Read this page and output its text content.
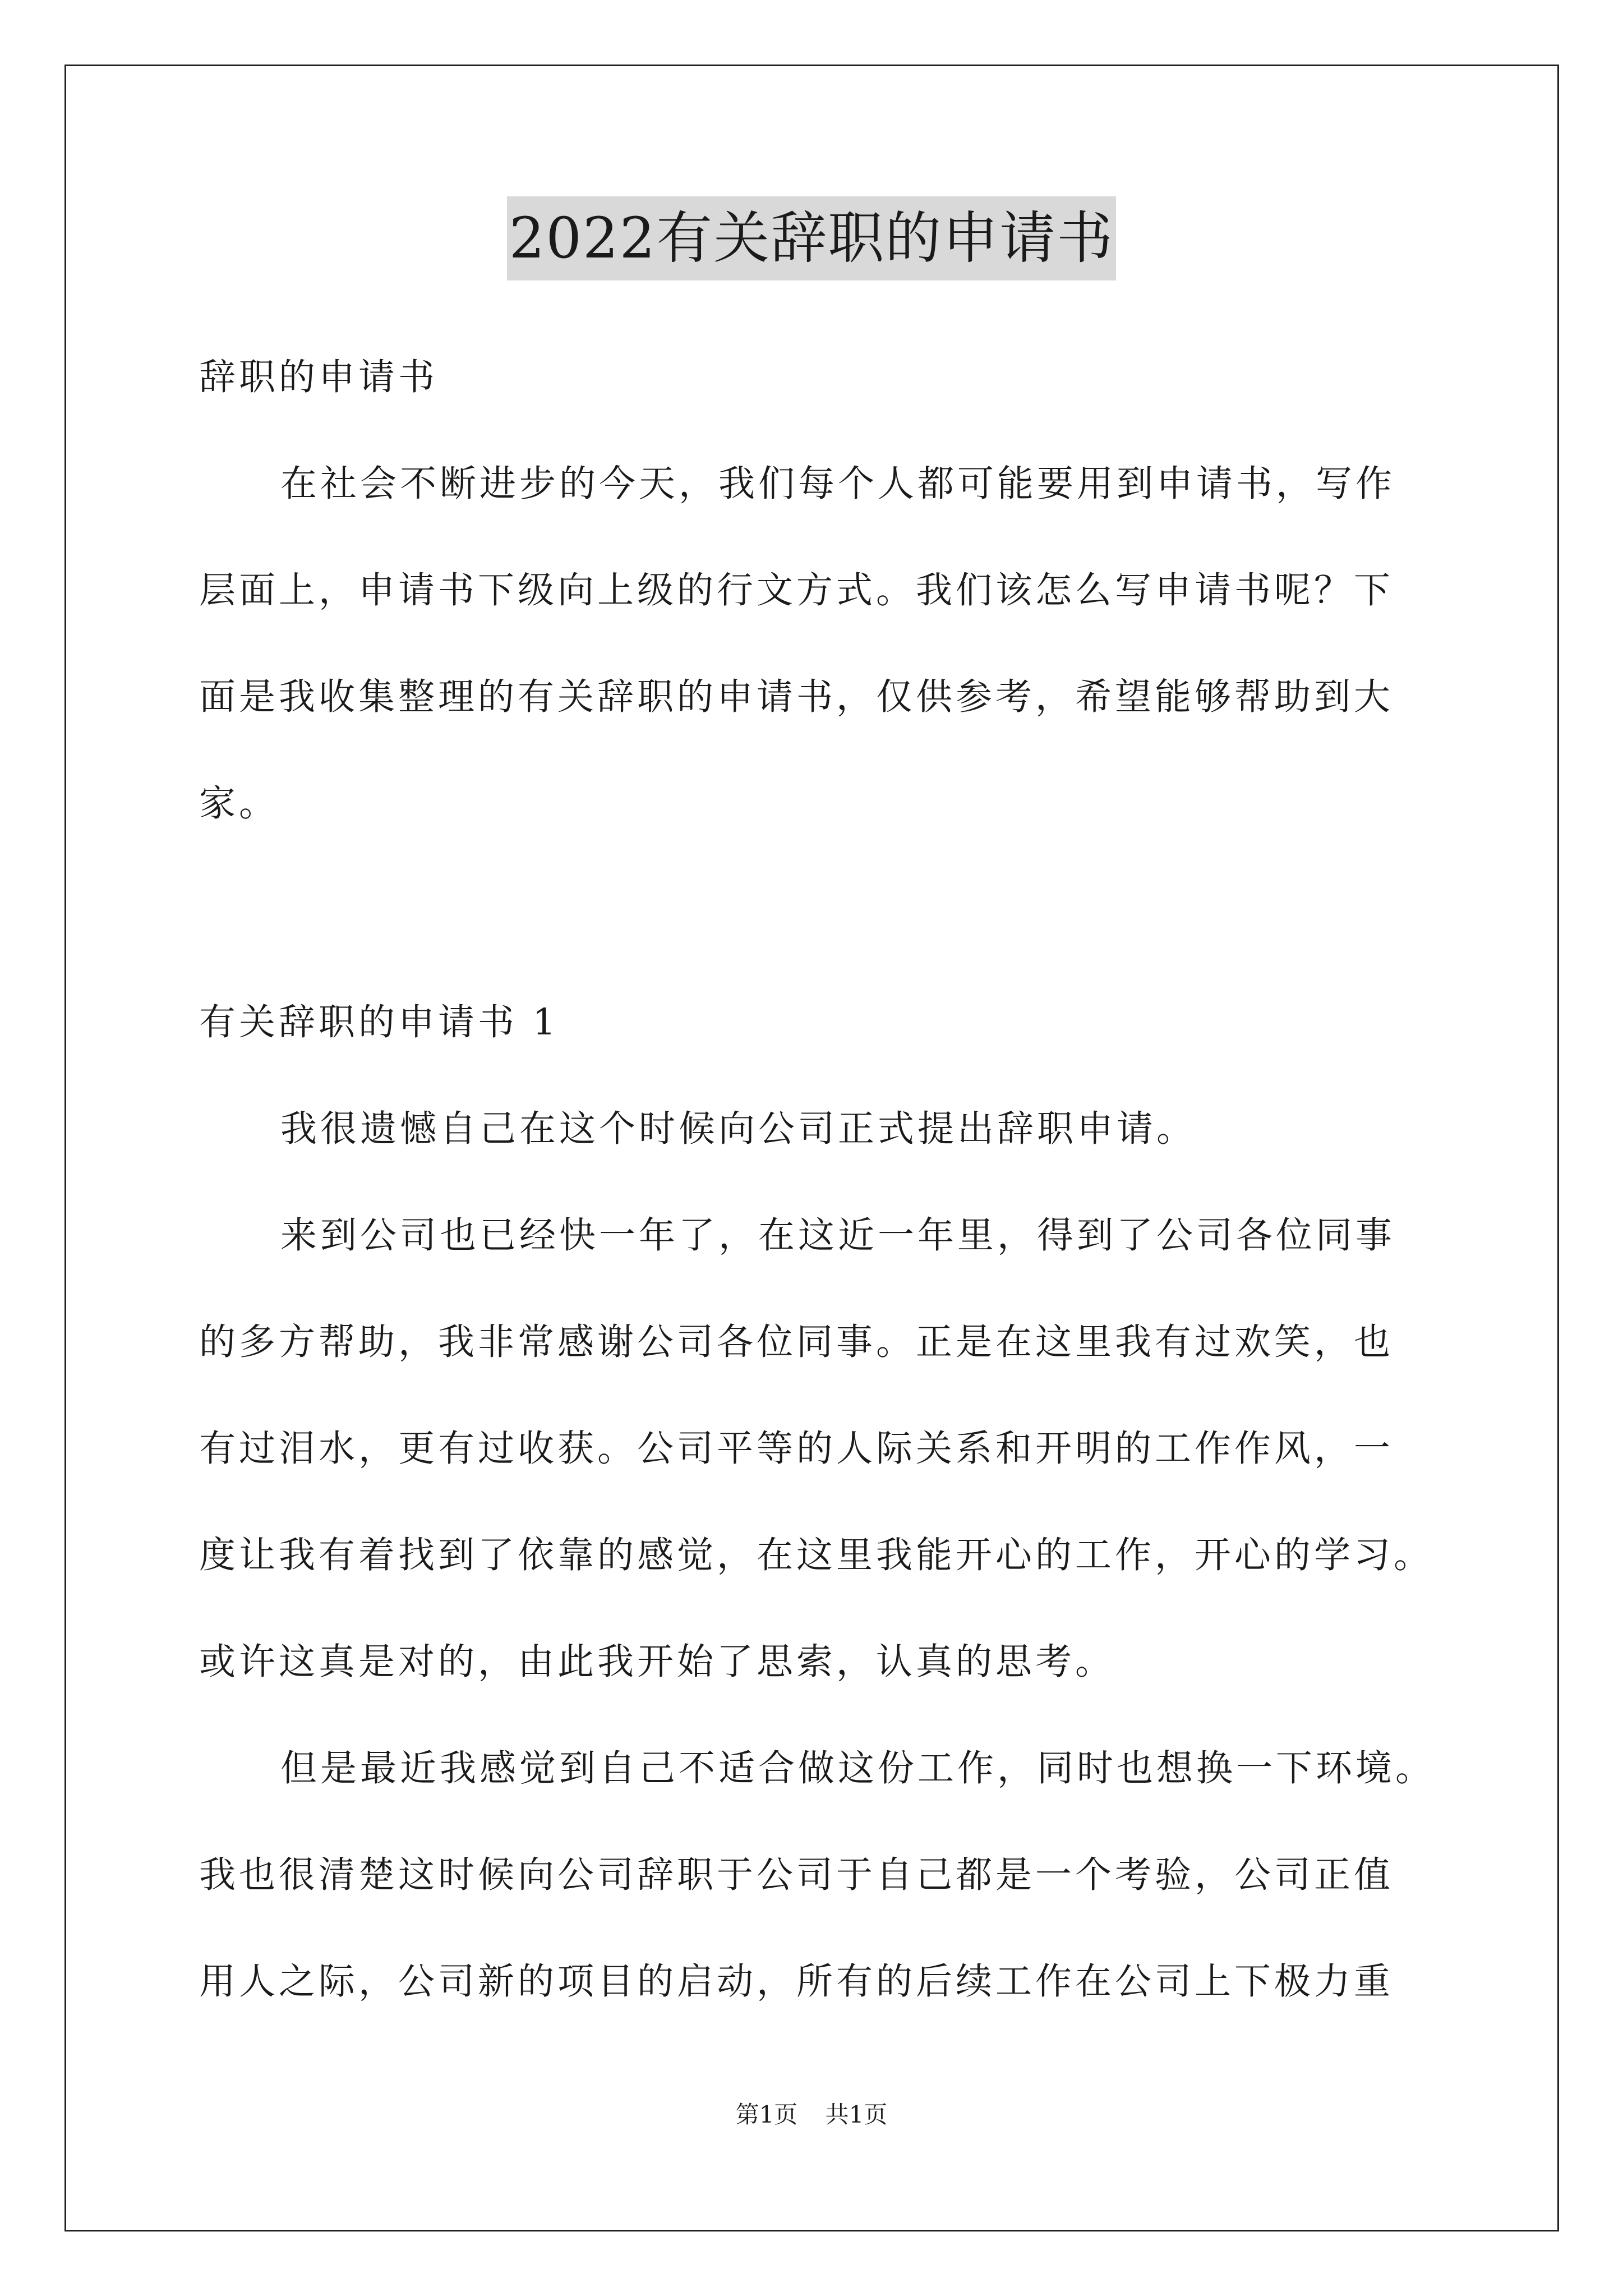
2022有关辞职的申请书
辞职的申请书
在社会不断进步的今天，我们每个人都可能要用到申请书，写作
层面上，申请书下级向上级的行文方式。我们该怎么写申请书呢？下
面是我收集整理的有关辞职的申请书，仅供参考，希望能够帮助到大
家。
有关辞职的申请书 1
我很遗憾自己在这个时候向公司正式提出辞职申请。
来到公司也已经快一年了，在这近一年里，得到了公司各位同事
的多方帮助，我非常感谢公司各位同事。正是在这里我有过欢笑，也
有过泪水，更有过收获。公司平等的人际关系和开明的工作作风，一
度让我有着找到了依靠的感觉，在这里我能开心的工作，开心的学习。
或许这真是对的，由此我开始了思索，认真的思考。
但是最近我感觉到自己不适合做这份工作，同时也想换一下环境。
我也很清楚这时候向公司辞职于公司于自己都是一个考验，公司正值
用人之际，公司新的项目的启动，所有的后续工作在公司上下极力重
第1页 共1页
